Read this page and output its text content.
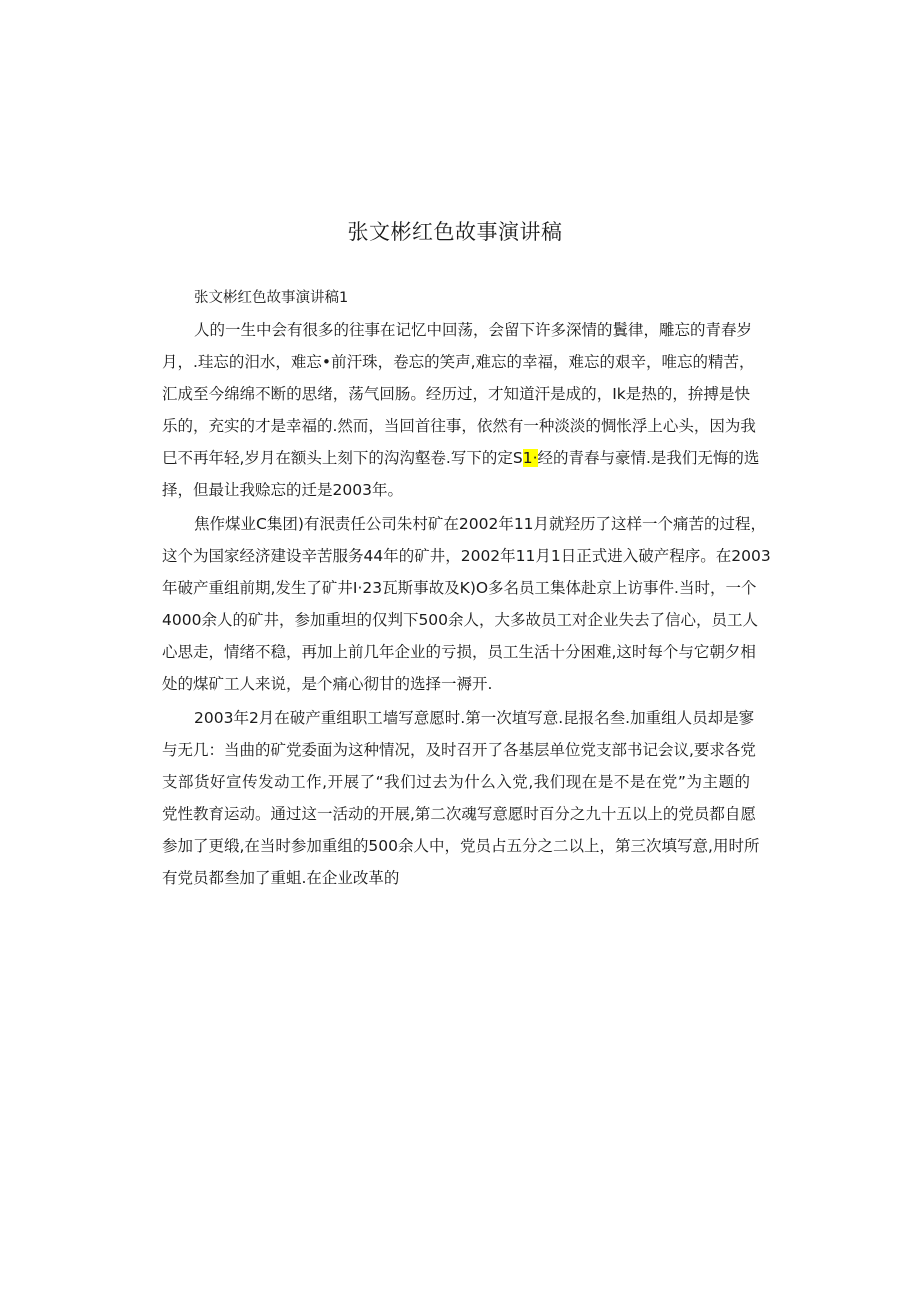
张文彬红色故事演讲稿
张文彬红色故事演讲稿1

人的一生中会有很多的往事在记忆中回荡，会留下许多深情的鬒律，雕忘的青春岁

月，.珪忘的汨水，难忘•前汗珠，卷忘的笑声,难忘的幸福，难忘的艰辛，唯忘的精苦，

汇成至今绵绵不断的思绪，荡气回肠。经历过，才知道汗是成的，Ik是热的，拚搏是快

乐的，充实的才是幸福的.然而，当回首往事，依然有一种淡淡的惆怅浮上心头，因为我

巳不再年轻,岁月在额头上刻下的沟沟壑卷.写下的定S1·经的青春与豪情.是我们无悔的选

择，但最让我赊忘的迁是2003年。

焦作煤业C集团)有泯责任公司朱村矿在2002年11月就羟历了这样一个痛苦的过程，

这个为国家经济建设辛苦服务44年的矿井，2002年11月1日正式进入破产程序。在2003

年破产重组前期,发生了矿井I·23瓦斯事故及K)O多名员工集体赴京上访事件.当时，一个

4000余人的矿井，参加重坦的仅判下500余人，大多故员工对企业失去了信心，员工人

心思走，情绪不稳，再加上前几年企业的亏损，员工生活十分困难,这时每个与它朝夕相

处的煤矿工人来说，是个痛心彻甘的选择一褥开.

2003年2月在破产重组职工墙写意愿时.第一次埴写意.昆报名叁.加重组人员却是寥

与无几：当曲的矿党委面为这种情况，及时召开了各基层单位党支部书记会议,要求各党

支部货好宣传发动工作,开展了“我们过去为什么入党,我们现在是不是在党”为主题的

党性教育运动。通过这一活动的开展,第二次魂写意愿时百分之九十五以上的党员都自愿

参加了更缎,在当时参加重组的500余人中，党员占五分之二以上，第三次填写意,用时所

有党员都叁加了重蛆.在企业改革的
